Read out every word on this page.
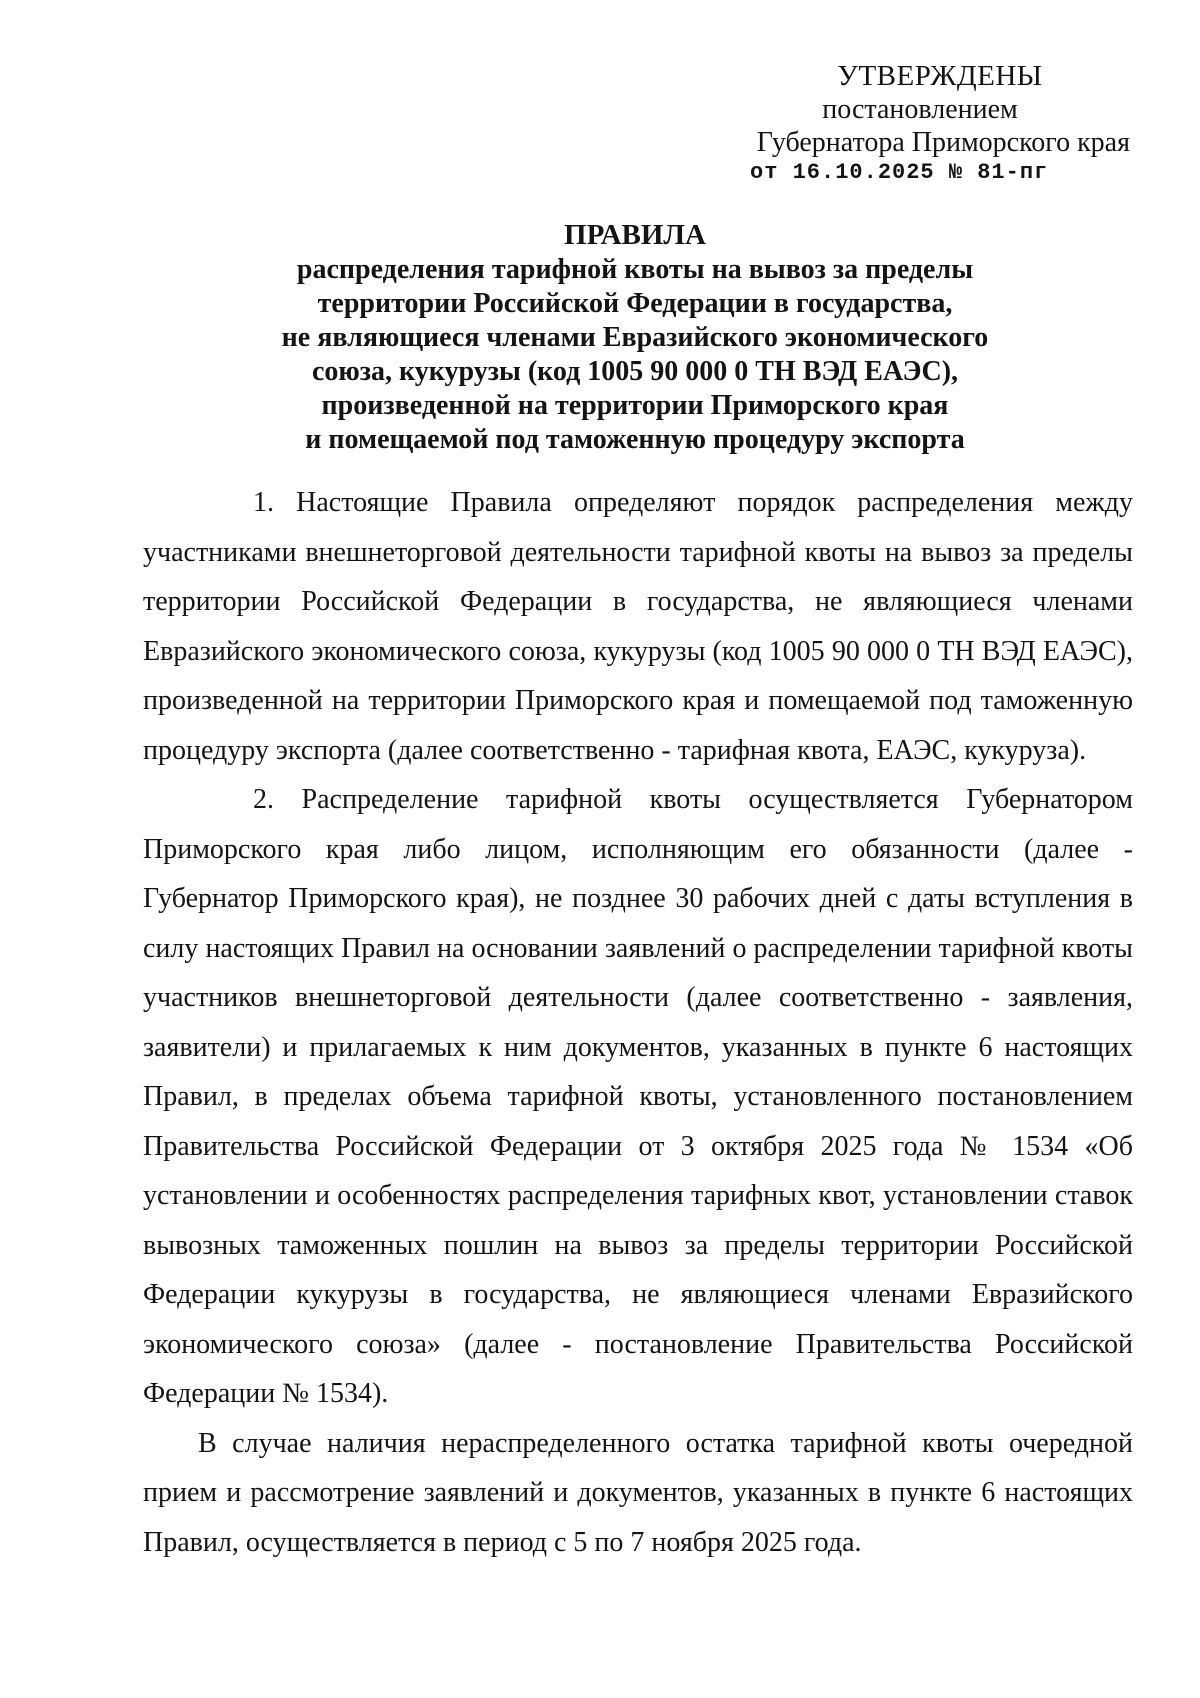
УТВЕРЖДЕНЫ
постановлением
Губернатора Приморского края
от 16.10.2025 № 81-пг
ПРАВИЛА
распределения тарифной квоты на вывоз за пределы
территории Российской Федерации в государства,
не являющиеся членами Евразийского экономического
союза, кукурузы (код 1005 90 000 0 ТН ВЭД ЕАЭС),
произведенной на территории Приморского края
и помещаемой под таможенную процедуру экспорта

1. Настоящие Правила определяют порядок распределения между участниками внешнеторговой деятельности тарифной квоты на вывоз за пределы территории Российской Федерации в государства, не являющиеся членами Евразийского экономического союза, кукурузы (код 1005 90 000 0 ТН ВЭД ЕАЭС), произведенной на территории Приморского края и помещаемой под таможенную процедуру экспорта (далее соответственно - тарифная квота, ЕАЭС, кукуруза).

2. Распределение тарифной квоты осуществляется Губернатором Приморского края либо лицом, исполняющим его обязанности (далее - Губернатор Приморского края), не позднее 30 рабочих дней с даты вступления в силу настоящих Правил на основании заявлений о распределении тарифной квоты участников внешнеторговой деятельности (далее соответственно - заявления, заявители) и прилагаемых к ним документов, указанных в пункте 6 настоящих Правил, в пределах объема тарифной квоты, установленного постановлением Правительства Российской Федерации от 3 октября 2025 года № 1534 «Об установлении и особенностях распределения тарифных квот, установлении ставок вывозных таможенных пошлин на вывоз за пределы территории Российской Федерации кукурузы в государства, не являющиеся членами Евразийского экономического союза» (далее - постановление Правительства Российской Федерации № 1534).

В случае наличия нераспределенного остатка тарифной квоты очередной прием и рассмотрение заявлений и документов, указанных в пункте 6 настоящих Правил, осуществляется в период с 5 по 7 ноября 2025 года.
